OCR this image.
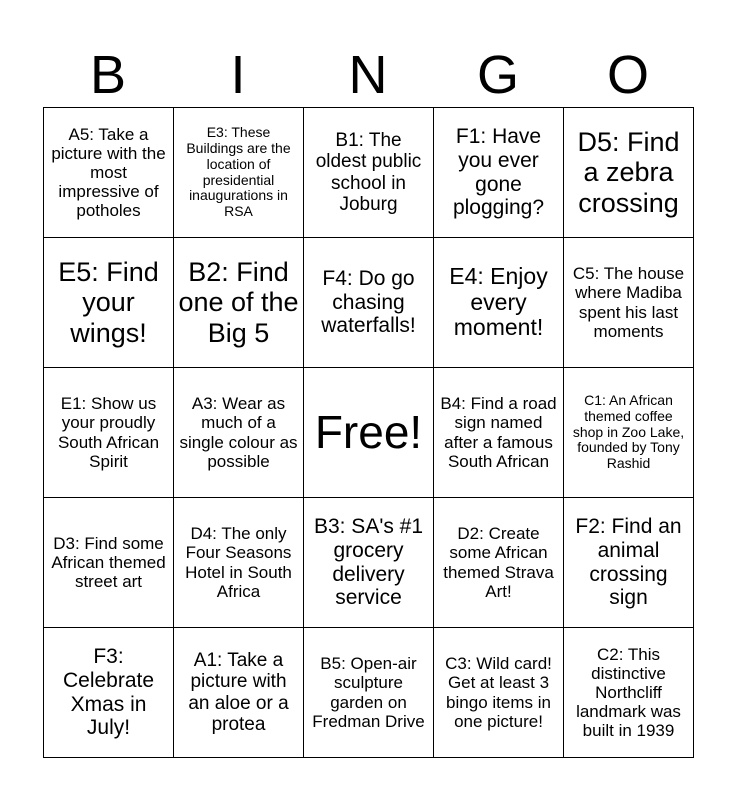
B	I	N	G	O
A5: Take a picture with the most impressive of potholes	E3: These Buildings are the location of presidential inaugurations in RSA	B1: The oldest public school in Joburg	F1: Have you ever gone plogging?	D5: Find a zebra crossing
E5: Find your wings!	B2: Find one of the Big 5	F4: Do go chasing waterfalls!	E4: Enjoy every moment!	C5: The house where Madiba spent his last moments
E1: Show us your proudly South African Spirit	A3: Wear as much of a single colour as possible	Free!	B4: Find a road sign named after a famous South African	C1: An African themed coffee shop in Zoo Lake, founded by Tony Rashid
D3: Find some African themed street art	D4: The only Four Seasons Hotel in South Africa	B3: SA's #1 grocery delivery service	D2: Create some African themed Strava Art!	F2: Find an animal crossing sign
F3: Celebrate Xmas in July!	A1: Take a picture with an aloe or a protea	B5: Open-air sculpture garden on Fredman Drive	C3: Wild card! Get at least 3 bingo items in one picture!	C2: This distinctive Northcliff landmark was built in 1939
